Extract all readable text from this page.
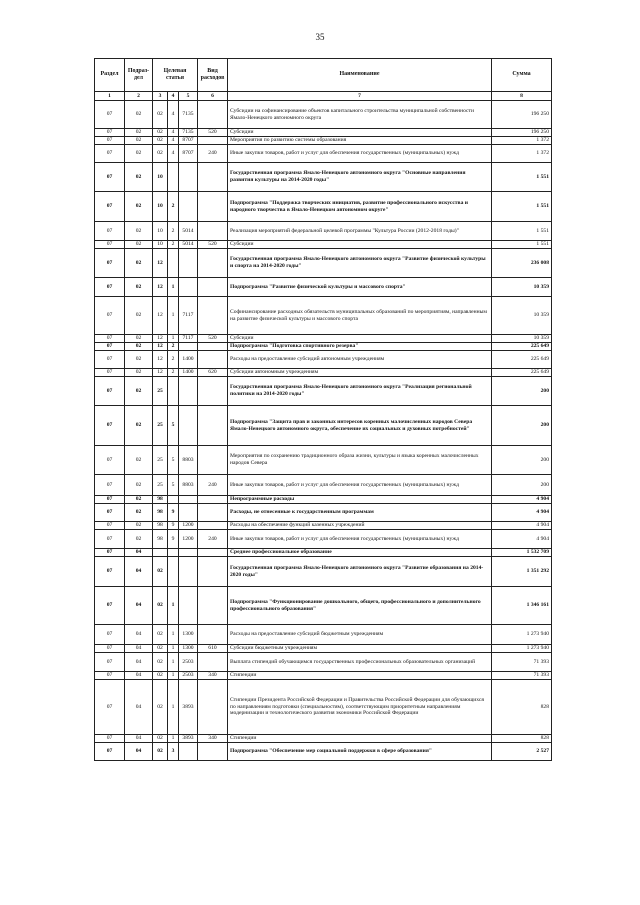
35
Раздел	Подраз-дел	Целевая статья			Вид расходов	Наименование	Сумма
1	2	3	4	5	6	7	8
07	02	02	4	7135		Субсидии на софинансирование объектов капитального строительства муниципальной собственности Ямало-Ненецкого автономного округа	196 250
07	02	02	4	7135	520	Субсидии	196 250
07	02	02	4	8707		Мероприятия по развитию системы образования	1 372
07	02	02	4	8707	240	Иные закупки товаров, работ и услуг для обеспечения государственных (муниципальных) нужд	1 372
07	02	10				Государственная программа Ямало-Ненецкого автономного округа "Основные направления развития культуры на 2014-2020 годы"	1 551
07	02	10	2			Подпрограмма "Поддержка творческих инициатив, развитие профессионального искусства и народного творчества в Ямало-Ненецком автономном округе"	1 551
07	02	10	2	5014		Реализация мероприятий федеральной целевой программы "Культура России (2012-2018 годы)"	1 551
07	02	10	2	5014	520	Субсидии	1 551
07	02	12				Государственная программа Ямало-Ненецкого автономного округа "Развитие физической культуры и спорта на 2014-2020 годы"	236 008
07	02	12	1			Подпрограмма "Развитие физической культуры и массового спорта"	10 359
07	02	12	1	7117		Софинансирование расходных обязательств муниципальных образований по мероприятиям, направленным на развитие физической культуры и массового спорта	10 359
07	02	12	1	7117	520	Субсидии	10 359
07	02	12	2			Подпрограмма "Подготовка спортивного резерва"	225 649
07	02	12	2	1400		Расходы на предоставление субсидий автономным учреждениям	225 649
07	02	12	2	1400	620	Субсидии автономным учреждениям	225 649
07	02	25				Государственная программа Ямало-Ненецкого автономного округа "Реализация региональной политики на 2014-2020 годы"	200
07	02	25	5			Подпрограмма "Защита прав и законных интересов коренных малочисленных народов Севера Ямало-Ненецкого автономного округа, обеспечение их социальных и духовных потребностей"	200
07	02	25	5	8803		Мероприятия по сохранению традиционного образа жизни, культуры и языка коренных малочисленных народов Севера	200
07	02	25	5	8803	240	Иные закупки товаров, работ и услуг для обеспечения государственных (муниципальных) нужд	200
07	02	98				Непрограммные расходы	4 904
07	02	98	9			Расходы, не отнесенные к государственным программам	4 904
07	02	98	9	1200		Расходы на обеспечение функций казенных учреждений	4 904
07	02	98	9	1200	240	Иные закупки товаров, работ и услуг для обеспечения государственных (муниципальных) нужд	4 904
07	04					Среднее профессиональное образование	1 532 709
07	04	02				Государственная программа Ямало-Ненецкого автономного округа "Развитие образования на 2014-2020 годы"	1 351 292
07	04	02	1			Подпрограмма "Функционирование дошкольного, общего, профессионального и дополнительного профессионального образования"	1 346 161
07	04	02	1	1300		Расходы на предоставление субсидий бюджетным учреждениям	1 273 940
07	04	02	1	1300	610	Субсидии бюджетным учреждениям	1 273 940
07	04	02	1	2503		Выплата стипендий обучающимся государственных профессиональных образовательных организаций	71 393
07	04	02	1	2503	340	Стипендии	71 393
07	04	02	1	3893		Стипендии Президента Российской Федерации и Правительства Российской Федерации для обучающихся по направлениям подготовки (специальностям), соответствующим приоритетным направлениям модернизации и технологического развития экономики Российской Федерации	828
07	04	02	1	3893	340	Стипендии	828
07	04	02	3			Подпрограмма "Обеспечение мер социальной поддержки в сфере образования"	2 527
